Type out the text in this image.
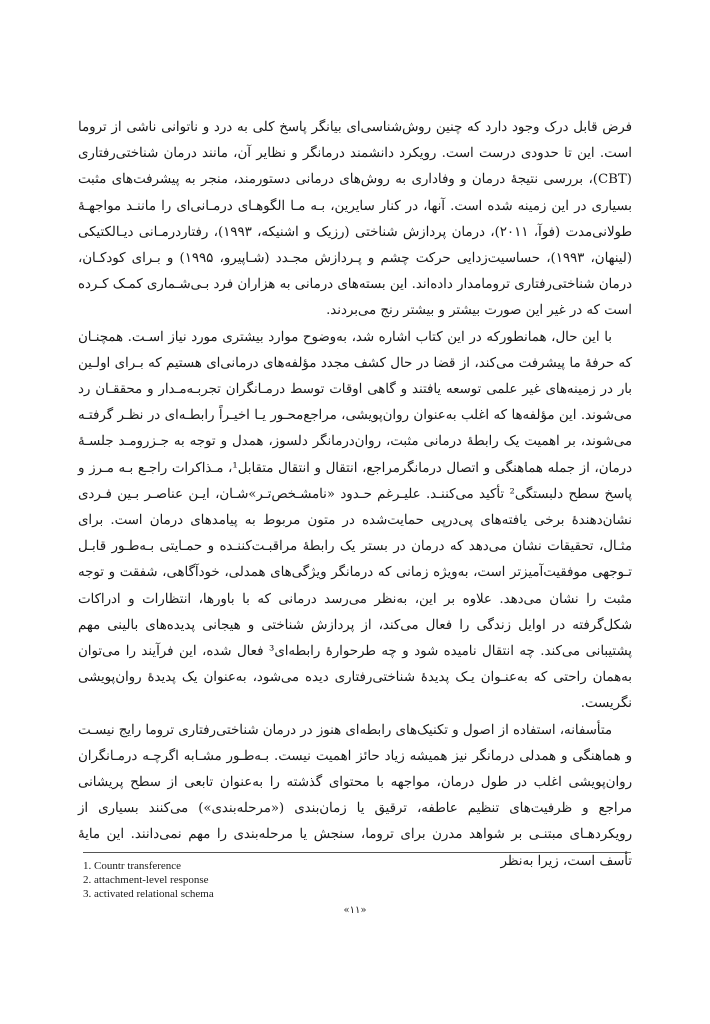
فرض قابل درک وجود دارد که چنین روش‌شناسی‌ای بیانگر پاسخ کلی به درد و ناتوانی ناشی از تروما است. این تا حدودی درست است. رویکرد دانشمند درمانگر و نظایر آن، مانند درمان شناختی‌رفتاری (CBT)، بررسی نتیجهٔ درمان و وفاداری به روش‌های درمانی دستورمند، منجر به پیشرفت‌های مثبت بسیاری در این زمینه شده است. آنها، در کنار سایرین، بـه مـا الگوهـای درمـانی‌ای را ماننـد مواجهـهٔ طولانی‌مدت (فوآ، ۲۰۱۱)، درمان پردازش شناختی (رزیک و اشنیکه، ۱۹۹۳)، رفتاردرمـانی دیـالکتیکی (لینهان، ۱۹۹۳)، حساسیت‌زدایی حرکت چشم و پـردازش مجـدد (شـاپیرو، ۱۹۹۵) و بـرای کودکـان، درمان شناختی‌رفتاری تروما‌مدار داده‌اند. این بسته‌های درمانی به هزاران فرد بـی‌شـماری کمـک کـرده است که در غیر این صورت بیشتر و بیشتر رنج می‌بردند.

با این حال، همانطورکه در این کتاب اشاره شد، به‌وضوح موارد بیشتری مورد نیاز اسـت. همچنـان که حرفهٔ ما پیشرفت می‌کند، از قضا در حال کشف مجدد مؤلفه‌های درمانی‌ای هستیم که بـرای اولـین بار در زمینه‌های غیر علمی توسعه یافتند و گاهی اوقات توسط درمـانگران تجربـه‌مـدار و محققـان رد می‌شوند. این مؤلفه‌ها که اغلب به‌عنوان روان‌پویشی، مراجع‌محـور یـا اخیـراً رابطـه‌ای در نظـر گرفتـه می‌شوند، بر اهمیت یک رابطهٔ درمانی مثبت، روان‌درمانگر دلسوز، همدل و توجه به جـزرومـد جلسـهٔ درمان، از جمله هماهنگی و اتصال درمانگرمراجع، انتقال و انتقال متقابل¹، مـذاکرات راجـع بـه مـرز و پاسخ سطح دلبستگی² تأکید می‌کننـد. علیـرغم حـدود «نامشـخص‌تـر»شـان، ایـن عناصـر بـین فـردی نشان‌دهندهٔ برخی یافته‌های پی‌درپی حمایت‌شده در متون مربوط به پیامدهای درمان است. برای مثـال، تحقیقات نشان می‌دهد که درمان در بستر یک رابطهٔ مراقبـت‌کننـده و حمـایتی بـه‌طـور قابـل تـوجهی موفقیت‌آمیزتر است، به‌ویژه زمانی که درمانگر ویژگی‌های همدلی، خودآگاهی، شفقت و توجه مثبت را نشان می‌دهد. علاوه بر این، به‌نظر می‌رسد درمانی که با باورها، انتظارات و ادراکات شکل‌گرفته در اوایل زندگی را فعال می‌کند، از پردازش شناختی و هیجانی پدیده‌های بالینی مهم پشتیبانی می‌کند. چه انتقال نامیده شود و چه طرحوارهٔ رابطه‌ای³ فعال شده، این فرآیند را می‌توان به‌همان راحتی که به‌عنـوان یـک پدیدهٔ شناختی‌رفتاری دیده می‌شود، به‌عنوان یک پدیدهٔ روان‌پویشی نگریست.

متأسفانه، استفاده از اصول و تکنیک‌های رابطه‌ای هنوز در درمان شناختی‌رفتاری تروما رایج نیسـت و هماهنگی و همدلی درمانگر نیز همیشه زیاد حائز اهمیت نیست. بـه‌طـور مشـابه اگرچـه درمـانگران روان‌پویشی اغلب در طول درمان، مواجهه با محتوای گذشته را به‌عنوان تابعی از سطح پریشانی مراجع و ظرفیت‌های تنظیم عاطفه، ترقیق یا زمان‌بندی («مرحله‌بندی») می‌کنند بسیاری از رویکردهـای مبتنـی بر شواهد مدرن برای تروما، سنجش یا مرحله‌بندی را مهم نمی‌دانند. این مایهٔ تأسف است، زیرا به‌نظر

1. Countr transference
2. attachment-level response
3. activated relational schema
«۱۱»
